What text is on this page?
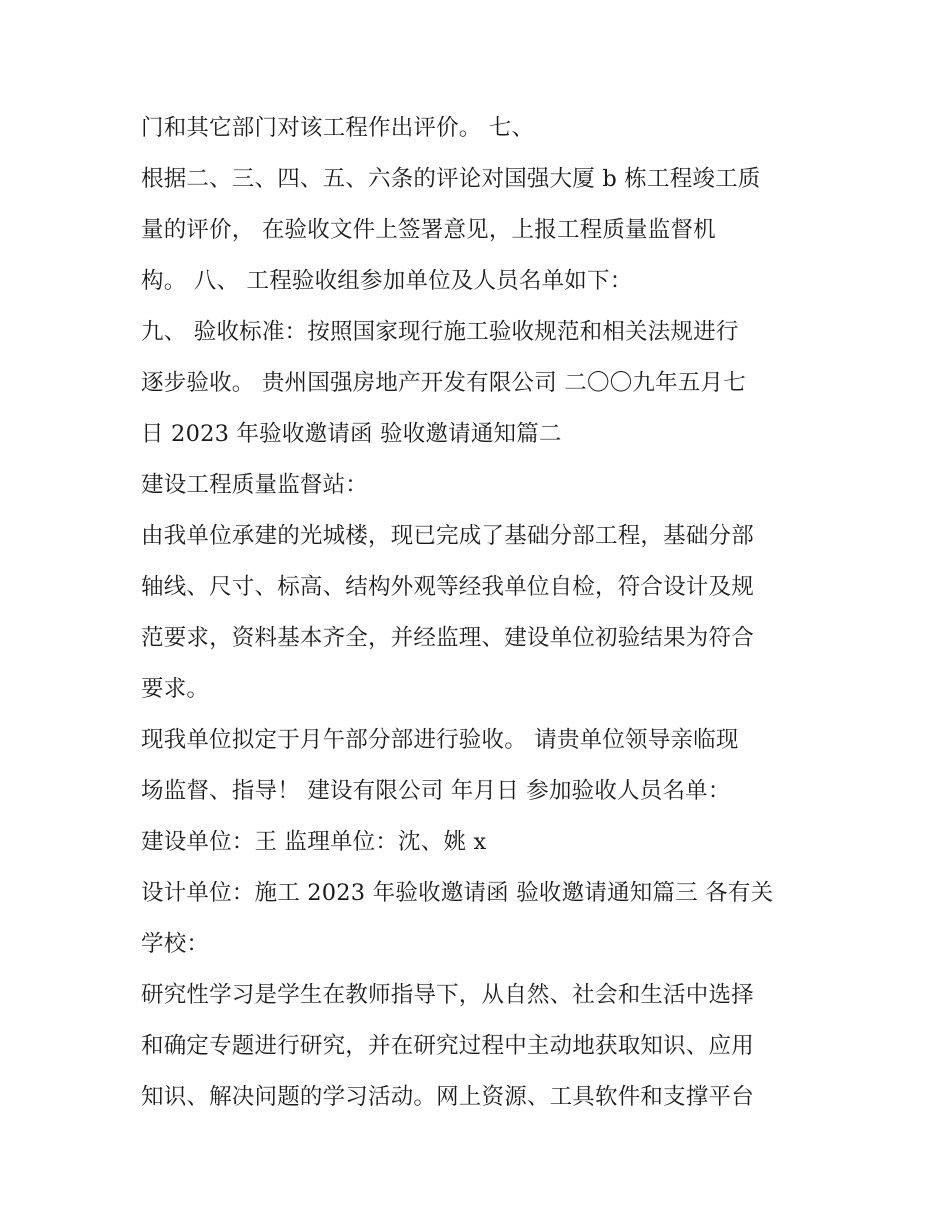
门和其它部门对该工程作出评价。 七、
根据二、三、四、五、六条的评论对国强大厦 b 栋工程竣工质
量的评价， 在验收文件上签署意见，上报工程质量监督机
构。 八、 工程验收组参加单位及人员名单如下：
九、 验收标准：按照国家现行施工验收规范和相关法规进行
逐步验收。 贵州国强房地产开发有限公司 二〇〇九年五月七
日 2023 年验收邀请函 验收邀请通知篇二
建设工程质量监督站：
由我单位承建的光城楼，现已完成了基础分部工程，基础分部
轴线、尺寸、标高、结构外观等经我单位自检，符合设计及规
范要求，资料基本齐全，并经监理、建设单位初验结果为符合
要求。
现我单位拟定于月午部分部进行验收。 请贵单位领导亲临现
场监督、指导！ 建设有限公司 年月日 参加验收人员名单：
建设单位：王 监理单位：沈、姚 x
设计单位：施工 2023 年验收邀请函 验收邀请通知篇三 各有关
学校：
研究性学习是学生在教师指导下，从自然、社会和生活中选择
和确定专题进行研究，并在研究过程中主动地获取知识、应用
知识、解决问题的学习活动。网上资源、工具软件和支撑平台
